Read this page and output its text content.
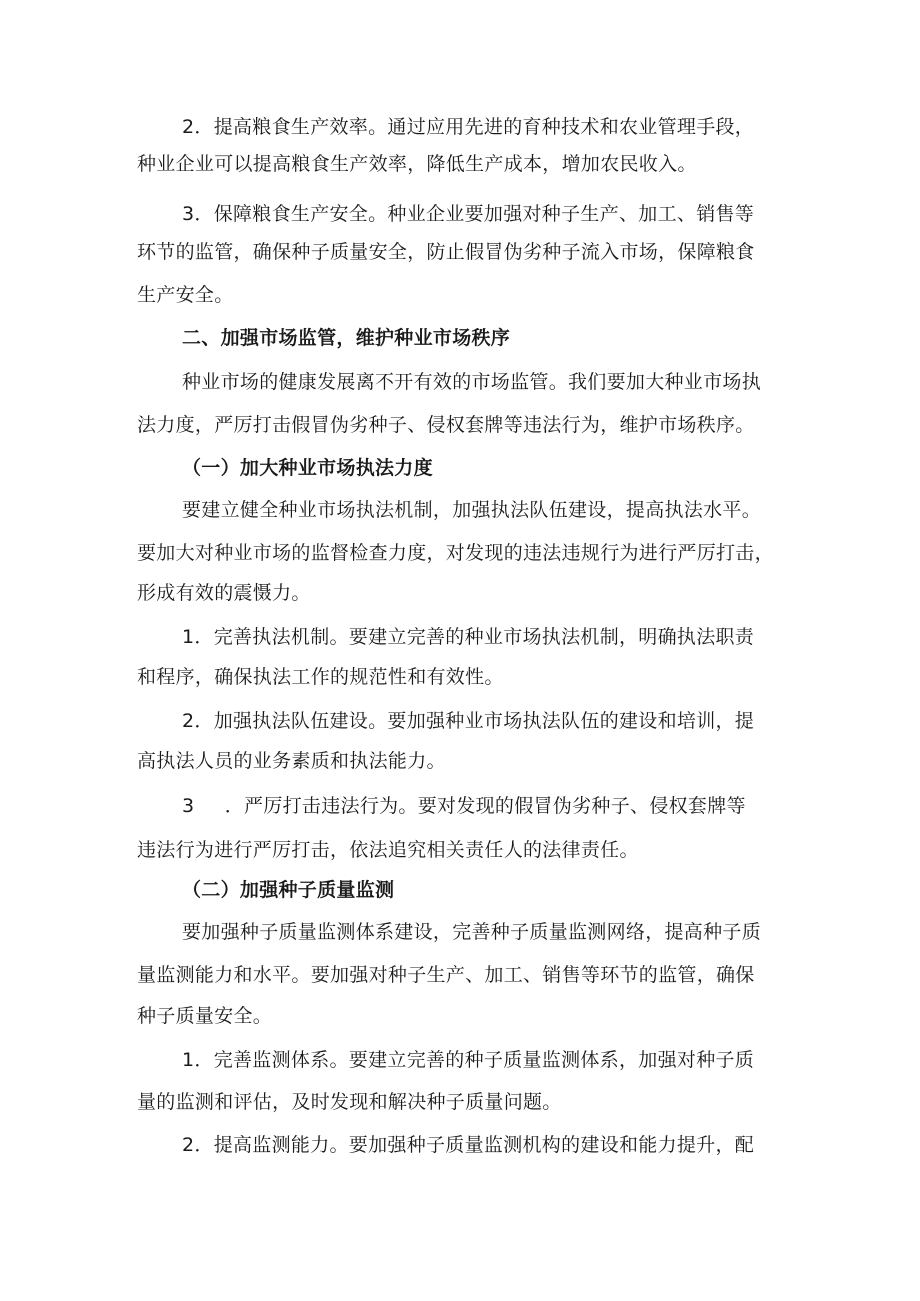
2．提高粮食生产效率。通过应用先进的育种技术和农业管理手段，
种业企业可以提高粮食生产效率，降低生产成本，增加农民收入。
3．保障粮食生产安全。种业企业要加强对种子生产、加工、销售等
环节的监管，确保种子质量安全，防止假冒伪劣种子流入市场，保障粮食
生产安全。
二、加强市场监管，维护种业市场秩序
种业市场的健康发展离不开有效的市场监管。我们要加大种业市场执
法力度，严厉打击假冒伪劣种子、侵权套牌等违法行为，维护市场秩序。
（一）加大种业市场执法力度
要建立健全种业市场执法机制，加强执法队伍建设，提高执法水平。
要加大对种业市场的监督检查力度，对发现的违法违规行为进行严厉打击，
形成有效的震慑力。
1．完善执法机制。要建立完善的种业市场执法机制，明确执法职责
和程序，确保执法工作的规范性和有效性。
2．加强执法队伍建设。要加强种业市场执法队伍的建设和培训，提
高执法人员的业务素质和执法能力。
3 ．严厉打击违法行为。要对发现的假冒伪劣种子、侵权套牌等
违法行为进行严厉打击，依法追究相关责任人的法律责任。
（二）加强种子质量监测
要加强种子质量监测体系建设，完善种子质量监测网络，提高种子质
量监测能力和水平。要加强对种子生产、加工、销售等环节的监管，确保
种子质量安全。
1．完善监测体系。要建立完善的种子质量监测体系，加强对种子质
量的监测和评估，及时发现和解决种子质量问题。
2．提高监测能力。要加强种子质量监测机构的建设和能力提升，配
